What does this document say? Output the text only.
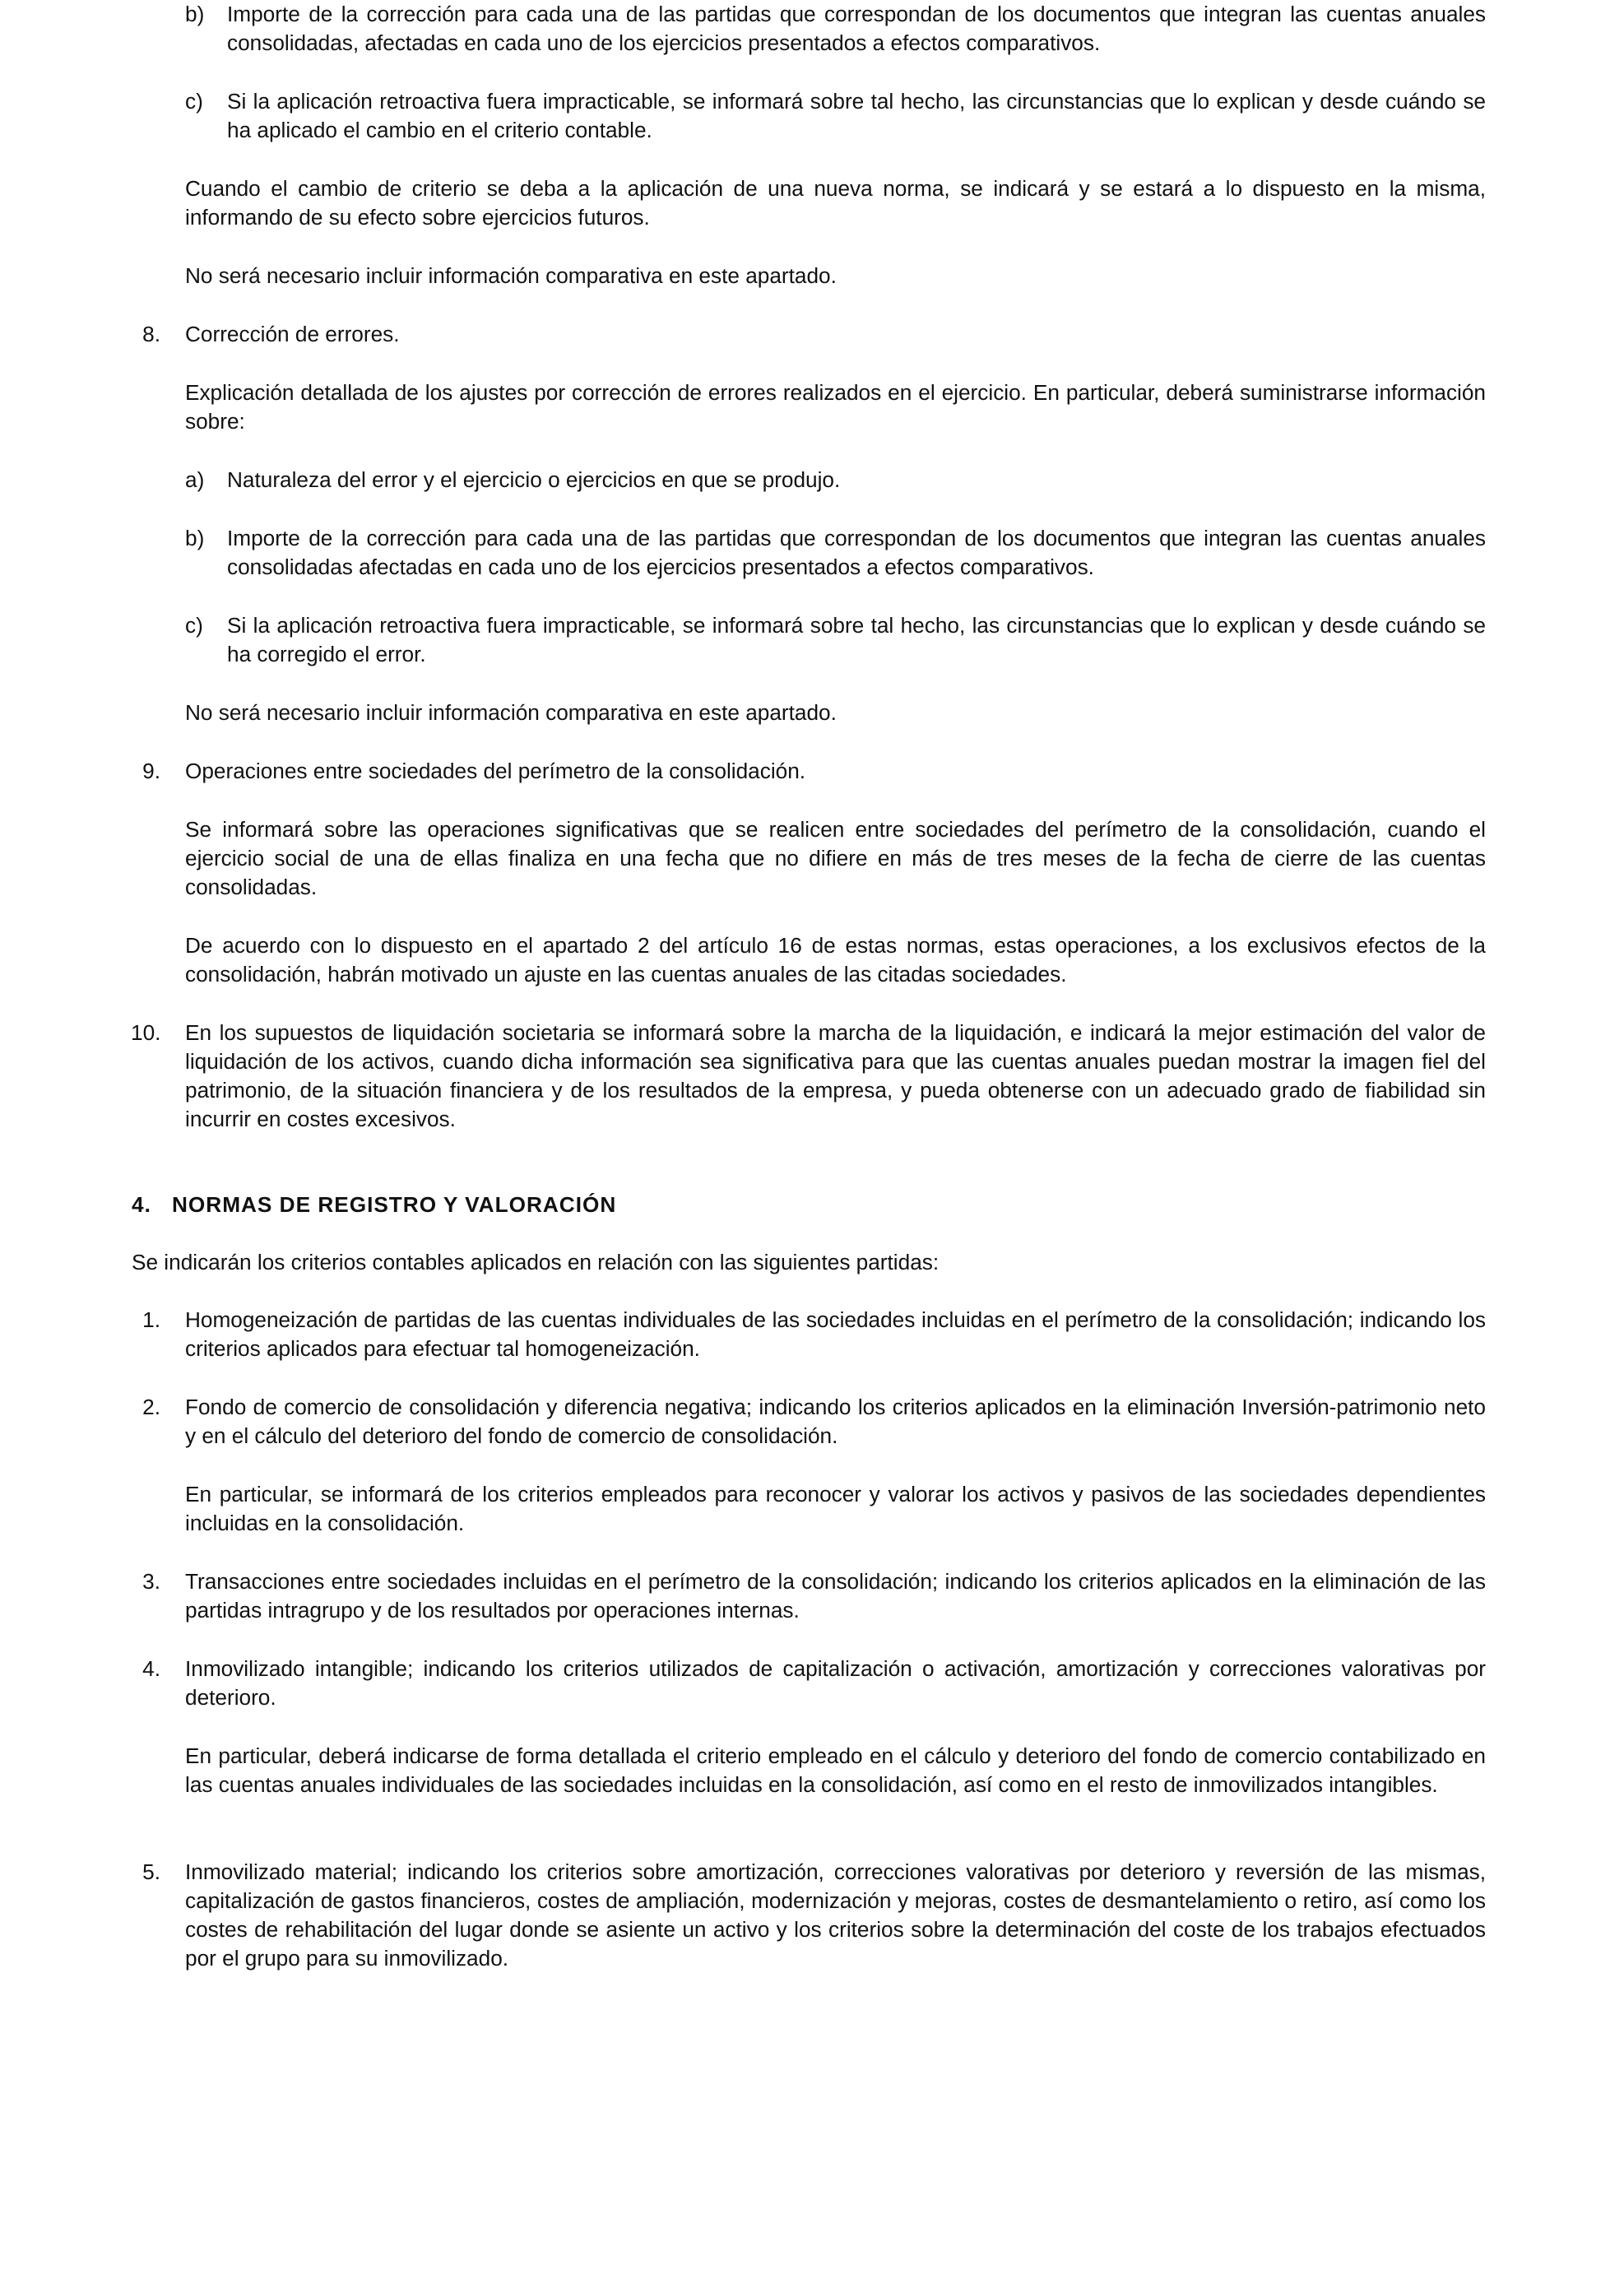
b) Importe de la corrección para cada una de las partidas que correspondan de los documentos que integran las cuentas anuales consolidadas, afectadas en cada uno de los ejercicios presentados a efectos comparativos.
c) Si la aplicación retroactiva fuera impracticable, se informará sobre tal hecho, las circunstancias que lo explican y desde cuándo se ha aplicado el cambio en el criterio contable.

Cuando el cambio de criterio se deba a la aplicación de una nueva norma, se indicará y se estará a lo dispuesto en la misma, informando de su efecto sobre ejercicios futuros.

No será necesario incluir información comparativa en este apartado.

8. Corrección de errores.

Explicación detallada de los ajustes por corrección de errores realizados en el ejercicio. En particular, deberá suministrarse información sobre:

a) Naturaleza del error y el ejercicio o ejercicios en que se produjo.
b) Importe de la corrección para cada una de las partidas que correspondan de los documentos que integran las cuentas anuales consolidadas afectadas en cada uno de los ejercicios presentados a efectos comparativos.
c) Si la aplicación retroactiva fuera impracticable, se informará sobre tal hecho, las circunstancias que lo explican y desde cuándo se ha corregido el error.

No será necesario incluir información comparativa en este apartado.

9. Operaciones entre sociedades del perímetro de la consolidación.

Se informará sobre las operaciones significativas que se realicen entre sociedades del perímetro de la consolidación, cuando el ejercicio social de una de ellas finaliza en una fecha que no difiere en más de tres meses de la fecha de cierre de las cuentas consolidadas.

De acuerdo con lo dispuesto en el apartado 2 del artículo 16 de estas normas, estas operaciones, a los exclusivos efectos de la consolidación, habrán motivado un ajuste en las cuentas anuales de las citadas sociedades.

10. En los supuestos de liquidación societaria se informará sobre la marcha de la liquidación, e indicará la mejor estimación del valor de liquidación de los activos, cuando dicha información sea significativa para que las cuentas anuales puedan mostrar la imagen fiel del patrimonio, de la situación financiera y de los resultados de la empresa, y pueda obtenerse con un adecuado grado de fiabilidad sin incurrir en costes excesivos.
4. NORMAS DE REGISTRO Y VALORACIÓN
Se indicarán los criterios contables aplicados en relación con las siguientes partidas:
1. Homogeneización de partidas de las cuentas individuales de las sociedades incluidas en el perímetro de la consolidación; indicando los criterios aplicados para efectuar tal homogeneización.
2. Fondo de comercio de consolidación y diferencia negativa; indicando los criterios aplicados en la eliminación Inversión-patrimonio neto y en el cálculo del deterioro del fondo de comercio de consolidación.

En particular, se informará de los criterios empleados para reconocer y valorar los activos y pasivos de las sociedades dependientes incluidas en la consolidación.

3. Transacciones entre sociedades incluidas en el perímetro de la consolidación; indicando los criterios aplicados en la eliminación de las partidas intragrupo y de los resultados por operaciones internas.
4. Inmovilizado intangible; indicando los criterios utilizados de capitalización o activación, amortización y correcciones valorativas por deterioro.

En particular, deberá indicarse de forma detallada el criterio empleado en el cálculo y deterioro del fondo de comercio contabilizado en las cuentas anuales individuales de las sociedades incluidas en la consolidación, así como en el resto de inmovilizados intangibles.

5. Inmovilizado material; indicando los criterios sobre amortización, correcciones valorativas por deterioro y reversión de las mismas, capitalización de gastos financieros, costes de ampliación, modernización y mejoras, costes de desmantelamiento o retiro, así como los costes de rehabilitación del lugar donde se asiente un activo y los criterios sobre la determinación del coste de los trabajos efectuados por el grupo para su inmovilizado.
